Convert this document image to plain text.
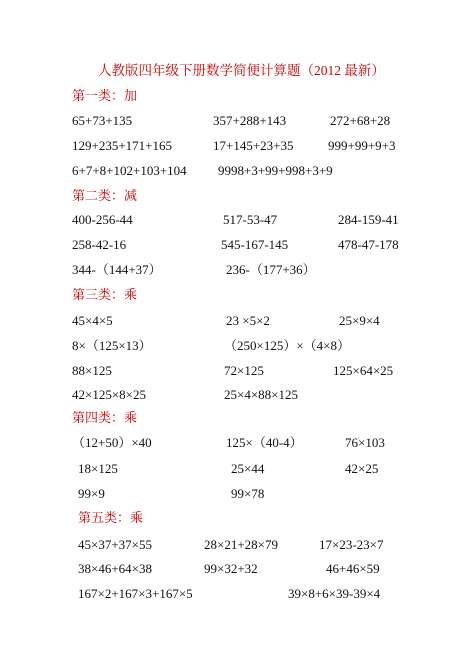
人教版四年级下册数学简便计算题（2012 最新）
第一类：加
65+73+135	357+288+143	272+68+28
129+235+171+165	17+145+23+35	999+99+9+3
6+7+8+102+103+104 9998+3+99+998+3+9
第二类：减
400-256-44	517-53-47	284-159-41
258-42-16	545-167-145	478-47-178
344-（144+37）	236-（177+36）
第三类：乘
45×4×5	23 ×5×2	25×9×4
8×（125×13）	（250×125）×（4×8）
88×125	72×125	125×64×25
42×125×8×25	25×4×88×125
第四类：乘
（12+50）×40	125×（40-4）	76×103
18×125	25×44	42×25
99×9	99×78
第五类：乘
45×37+37×55	28×21+28×79	17×23-23×7
38×46+64×38	99×32+32	46+46×59
167×2+167×3+167×5	39×8+6×39-39×4
